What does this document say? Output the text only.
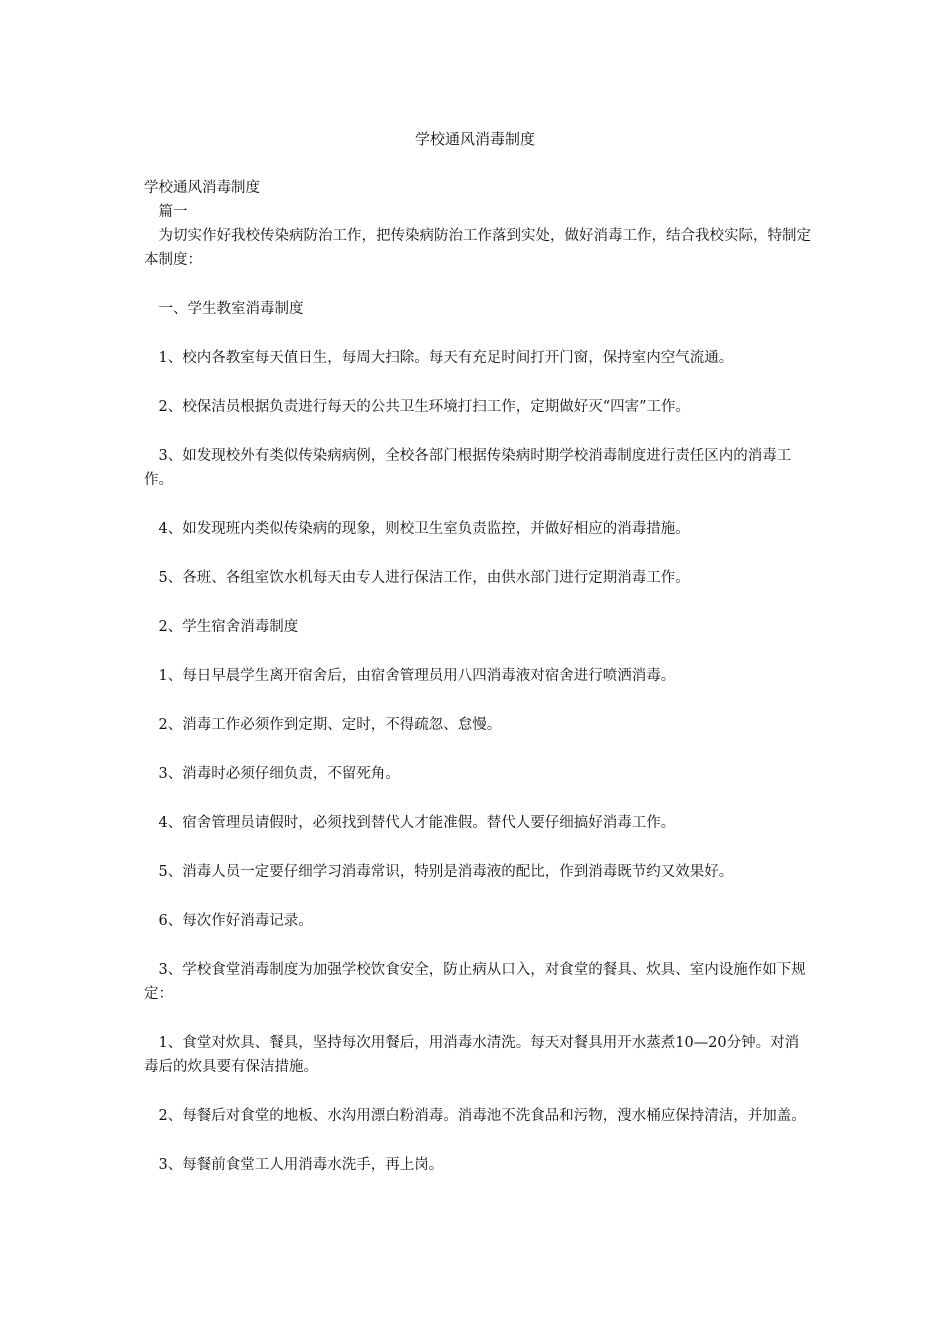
学校通风消毒制度

学校通风消毒制度

篇一

为切实作好我校传染病防治工作，把传染病防治工作落到实处，做好消毒工作，结合我校实际，特制定本制度：

一、学生教室消毒制度

1、校内各教室每天值日生，每周大扫除。每天有充足时间打开门窗，保持室内空气流通。

2、校保洁员根据负责进行每天的公共卫生环境打扫工作，定期做好灭“四害”工作。

3、如发现校外有类似传染病病例，全校各部门根据传染病时期学校消毒制度进行责任区内的消毒工作。

4、如发现班内类似传染病的现象，则校卫生室负责监控，并做好相应的消毒措施。

5、各班、各组室饮水机每天由专人进行保洁工作，由供水部门进行定期消毒工作。

2、学生宿舍消毒制度

1、每日早晨学生离开宿舍后，由宿舍管理员用八四消毒液对宿舍进行喷洒消毒。

2、消毒工作必须作到定期、定时，不得疏忽、怠慢。

3、消毒时必须仔细负责，不留死角。

4、宿舍管理员请假时，必须找到替代人才能准假。替代人要仔细搞好消毒工作。

5、消毒人员一定要仔细学习消毒常识，特别是消毒液的配比，作到消毒既节约又效果好。

6、每次作好消毒记录。

3、学校食堂消毒制度为加强学校饮食安全，防止病从口入，对食堂的餐具、炊具、室内设施作如下规定：

1、食堂对炊具、餐具，坚持每次用餐后，用消毒水清洗。每天对餐具用开水蒸煮10—20分钟。对消毒后的炊具要有保洁措施。

2、每餐后对食堂的地板、水沟用漂白粉消毒。消毒池不洗食品和污物，溲水桶应保持清洁，并加盖。

3、每餐前食堂工人用消毒水洗手，再上岗。
